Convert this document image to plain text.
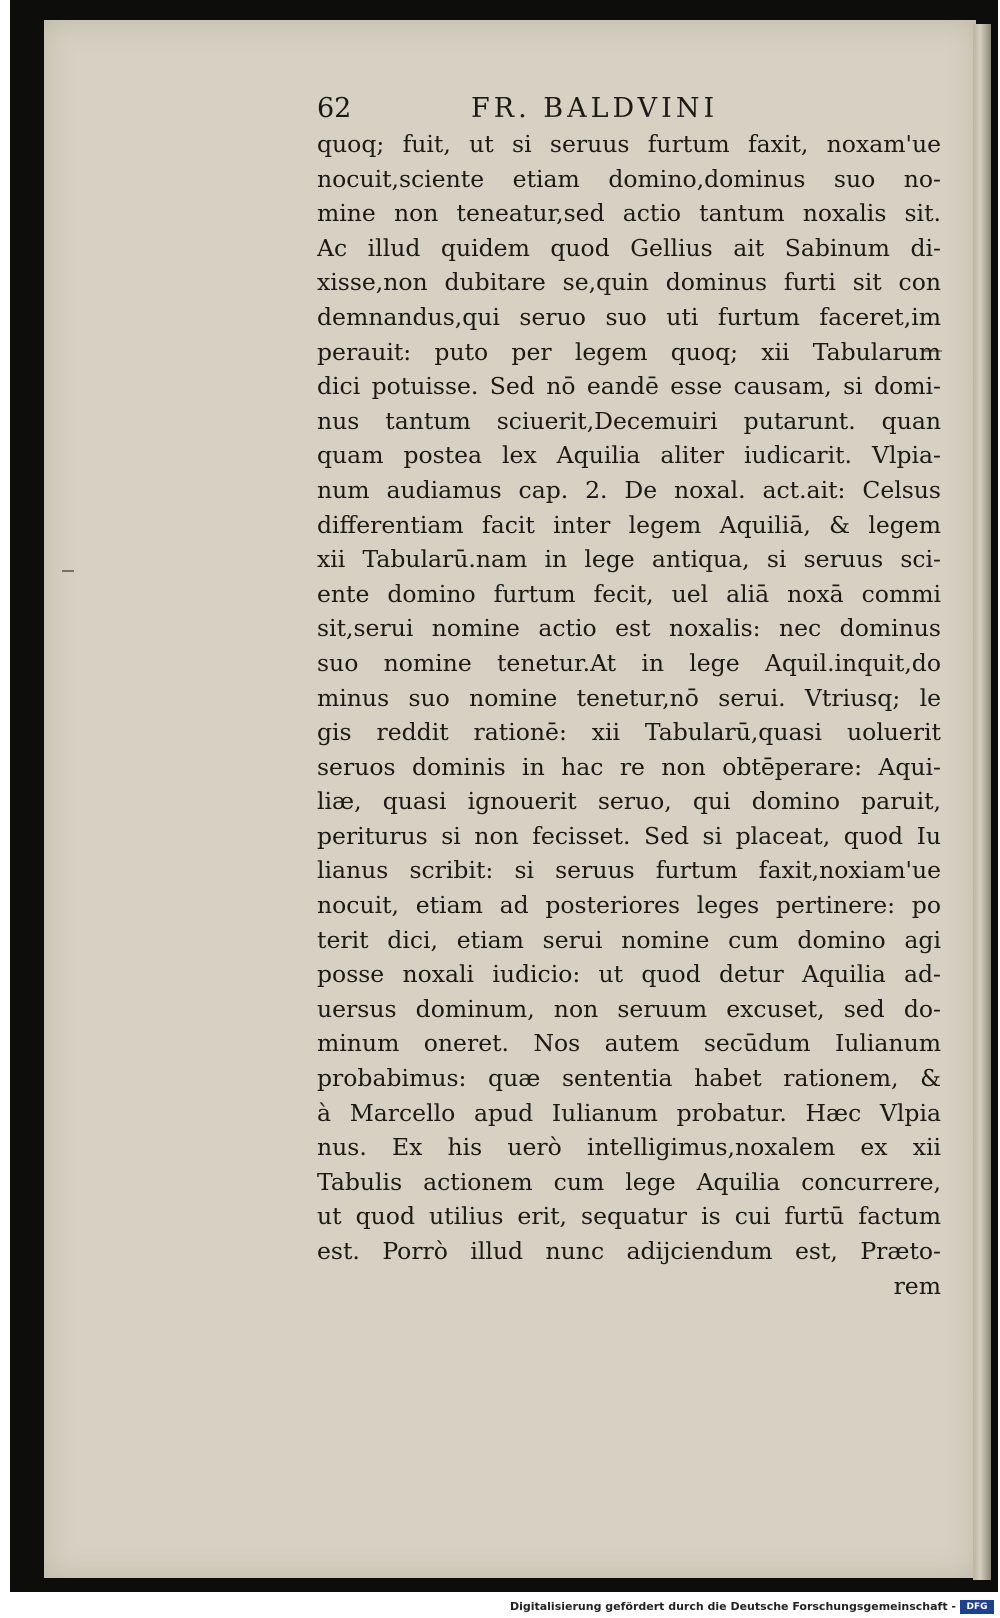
62	FR. BALDVINI
quoq; fuit, ut si seruus furtum faxit, noxam'ue
nocuit,sciente etiam domino,dominus suo no-
mine non teneatur,sed actio tantum noxalis sit.
Ac illud quidem quod Gellius ait Sabinum di-
xisse,non dubitare se,quin dominus furti sit con
demnandus,qui seruo suo uti furtum faceret,im
perauit: puto per legem quoq; xii Tabularum
dici potuisse. Sed nō eandē esse causam, si domi-
nus tantum sciuerit,Decemuiri putarunt. quan
quam postea lex Aquilia aliter iudicarit. Vlpia-
num audiamus cap. 2. De noxal. act.ait: Celsus
differentiam facit inter legem Aquiliā, & legem
xii Tabularū.nam in lege antiqua, si seruus sci-
ente domino furtum fecit, uel aliā noxā commi
sit,serui nomine actio est noxalis: nec dominus
suo nomine tenetur.At in lege Aquil.inquit,do
minus suo nomine tenetur,nō serui. Vtriusq; le
gis reddit rationē: xii Tabularū,quasi uoluerit
seruos dominis in hac re non obtēperare: Aqui-
liæ, quasi ignouerit seruo, qui domino paruit,
periturus si non fecisset. Sed si placeat, quod Iu
lianus scribit: si seruus furtum faxit,noxiam'ue
nocuit, etiam ad posteriores leges pertinere: po
terit dici, etiam serui nomine cum domino agi
posse noxali iudicio: ut quod detur Aquilia ad-
uersus dominum, non seruum excuset, sed do-
minum oneret. Nos autem secūdum Iulianum
probabimus: quæ sententia habet rationem, &
à Marcello apud Iulianum probatur. Hæc Vlpia
nus. Ex his uerò intelligimus,noxalem ex xii
Tabulis actionem cum lege Aquilia concurrere,
ut quod utilius erit, sequatur is cui furtū factum
est. Porrò illud nunc adijciendum est, Præto-
rem
Digitalisierung gefördert durch die Deutsche Forschungsgemeinschaft -	DFG
